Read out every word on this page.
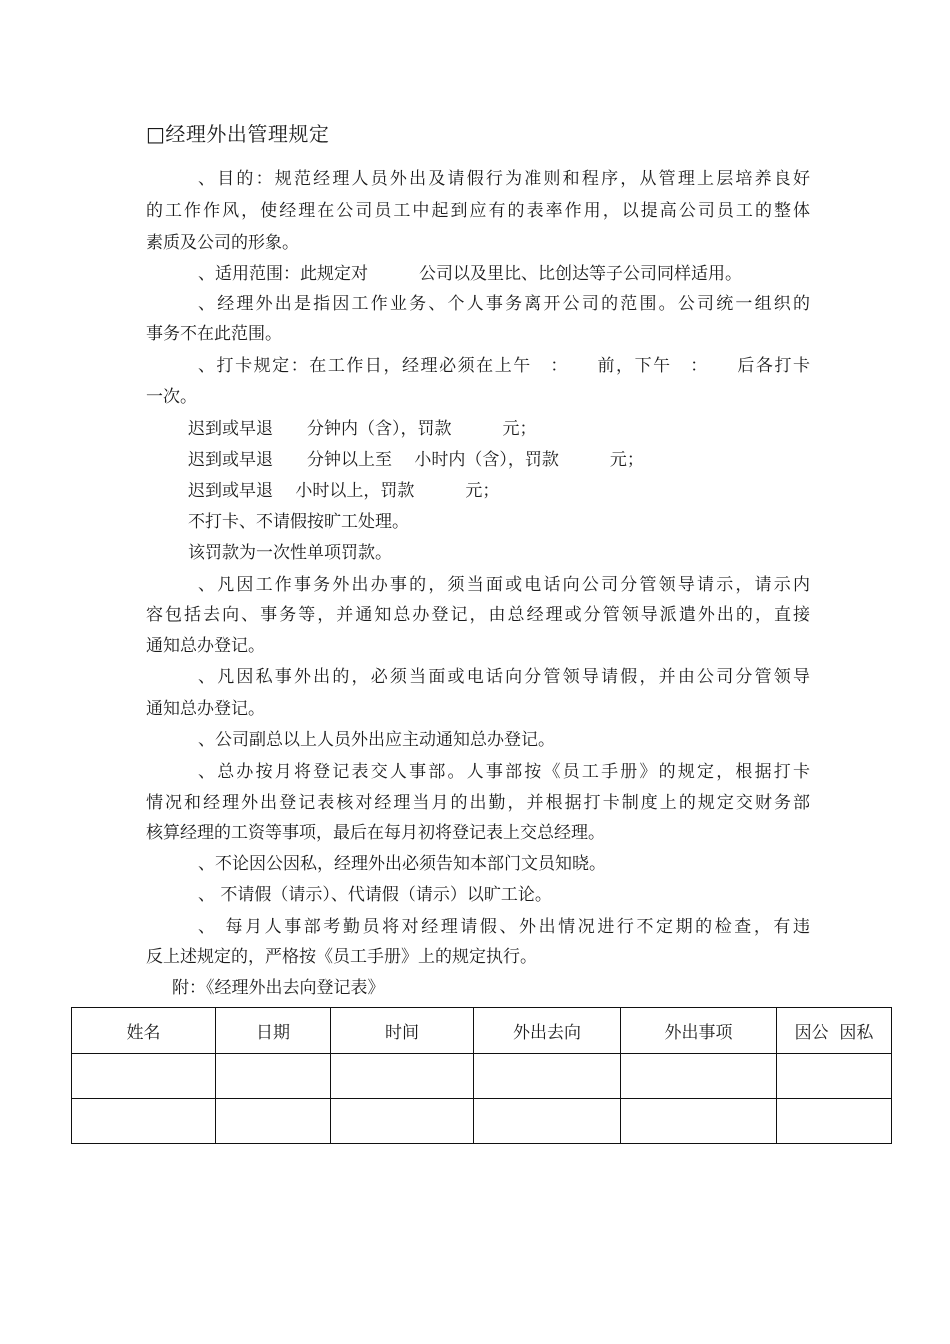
□经理外出管理规定
、目的：规范经理人员外出及请假行为准则和程序，从管理上层培养良好
的工作作风，使经理在公司员工中起到应有的表率作用，以提高公司员工的整体
素质及公司的形象。
、适用范围：此规定对　　　公司以及里比、比创达等子公司同样适用。
、经理外出是指因工作业务、个人事务离开公司的范围。公司统一组织的
事务不在此范围。
、打卡规定：在工作日，经理必须在上午　：　　前，下午　：　　后各打卡
一次。
迟到或早退　　分钟内（含），罚款　　　元；
迟到或早退　　分钟以上至　 小时内（含），罚款　　　元；
迟到或早退　 小时以上，罚款　　　元；
不打卡、不请假按旷工处理。
该罚款为一次性单项罚款。
、凡因工作事务外出办事的，须当面或电话向公司分管领导请示，请示内
容包括去向、事务等，并通知总办登记，由总经理或分管领导派遣外出的，直接
通知总办登记。
、凡因私事外出的，必须当面或电话向分管领导请假，并由公司分管领导
通知总办登记。
、公司副总以上人员外出应主动通知总办登记。
、总办按月将登记表交人事部。人事部按《员工手册》的规定，根据打卡
情况和经理外出登记表核对经理当月的出勤，并根据打卡制度上的规定交财务部
核算经理的工资等事项，最后在每月初将登记表上交总经理。
、不论因公因私，经理外出必须告知本部门文员知晓。
、 不请假（请示）、代请假（请示）以旷工论。
、 每月人事部考勤员将对经理请假、外出情况进行不定期的检查，有违
反上述规定的，严格按《员工手册》上的规定执行。
附：《经理外出去向登记表》
姓名	日期	时间	外出去向	外出事项	因公  因私
